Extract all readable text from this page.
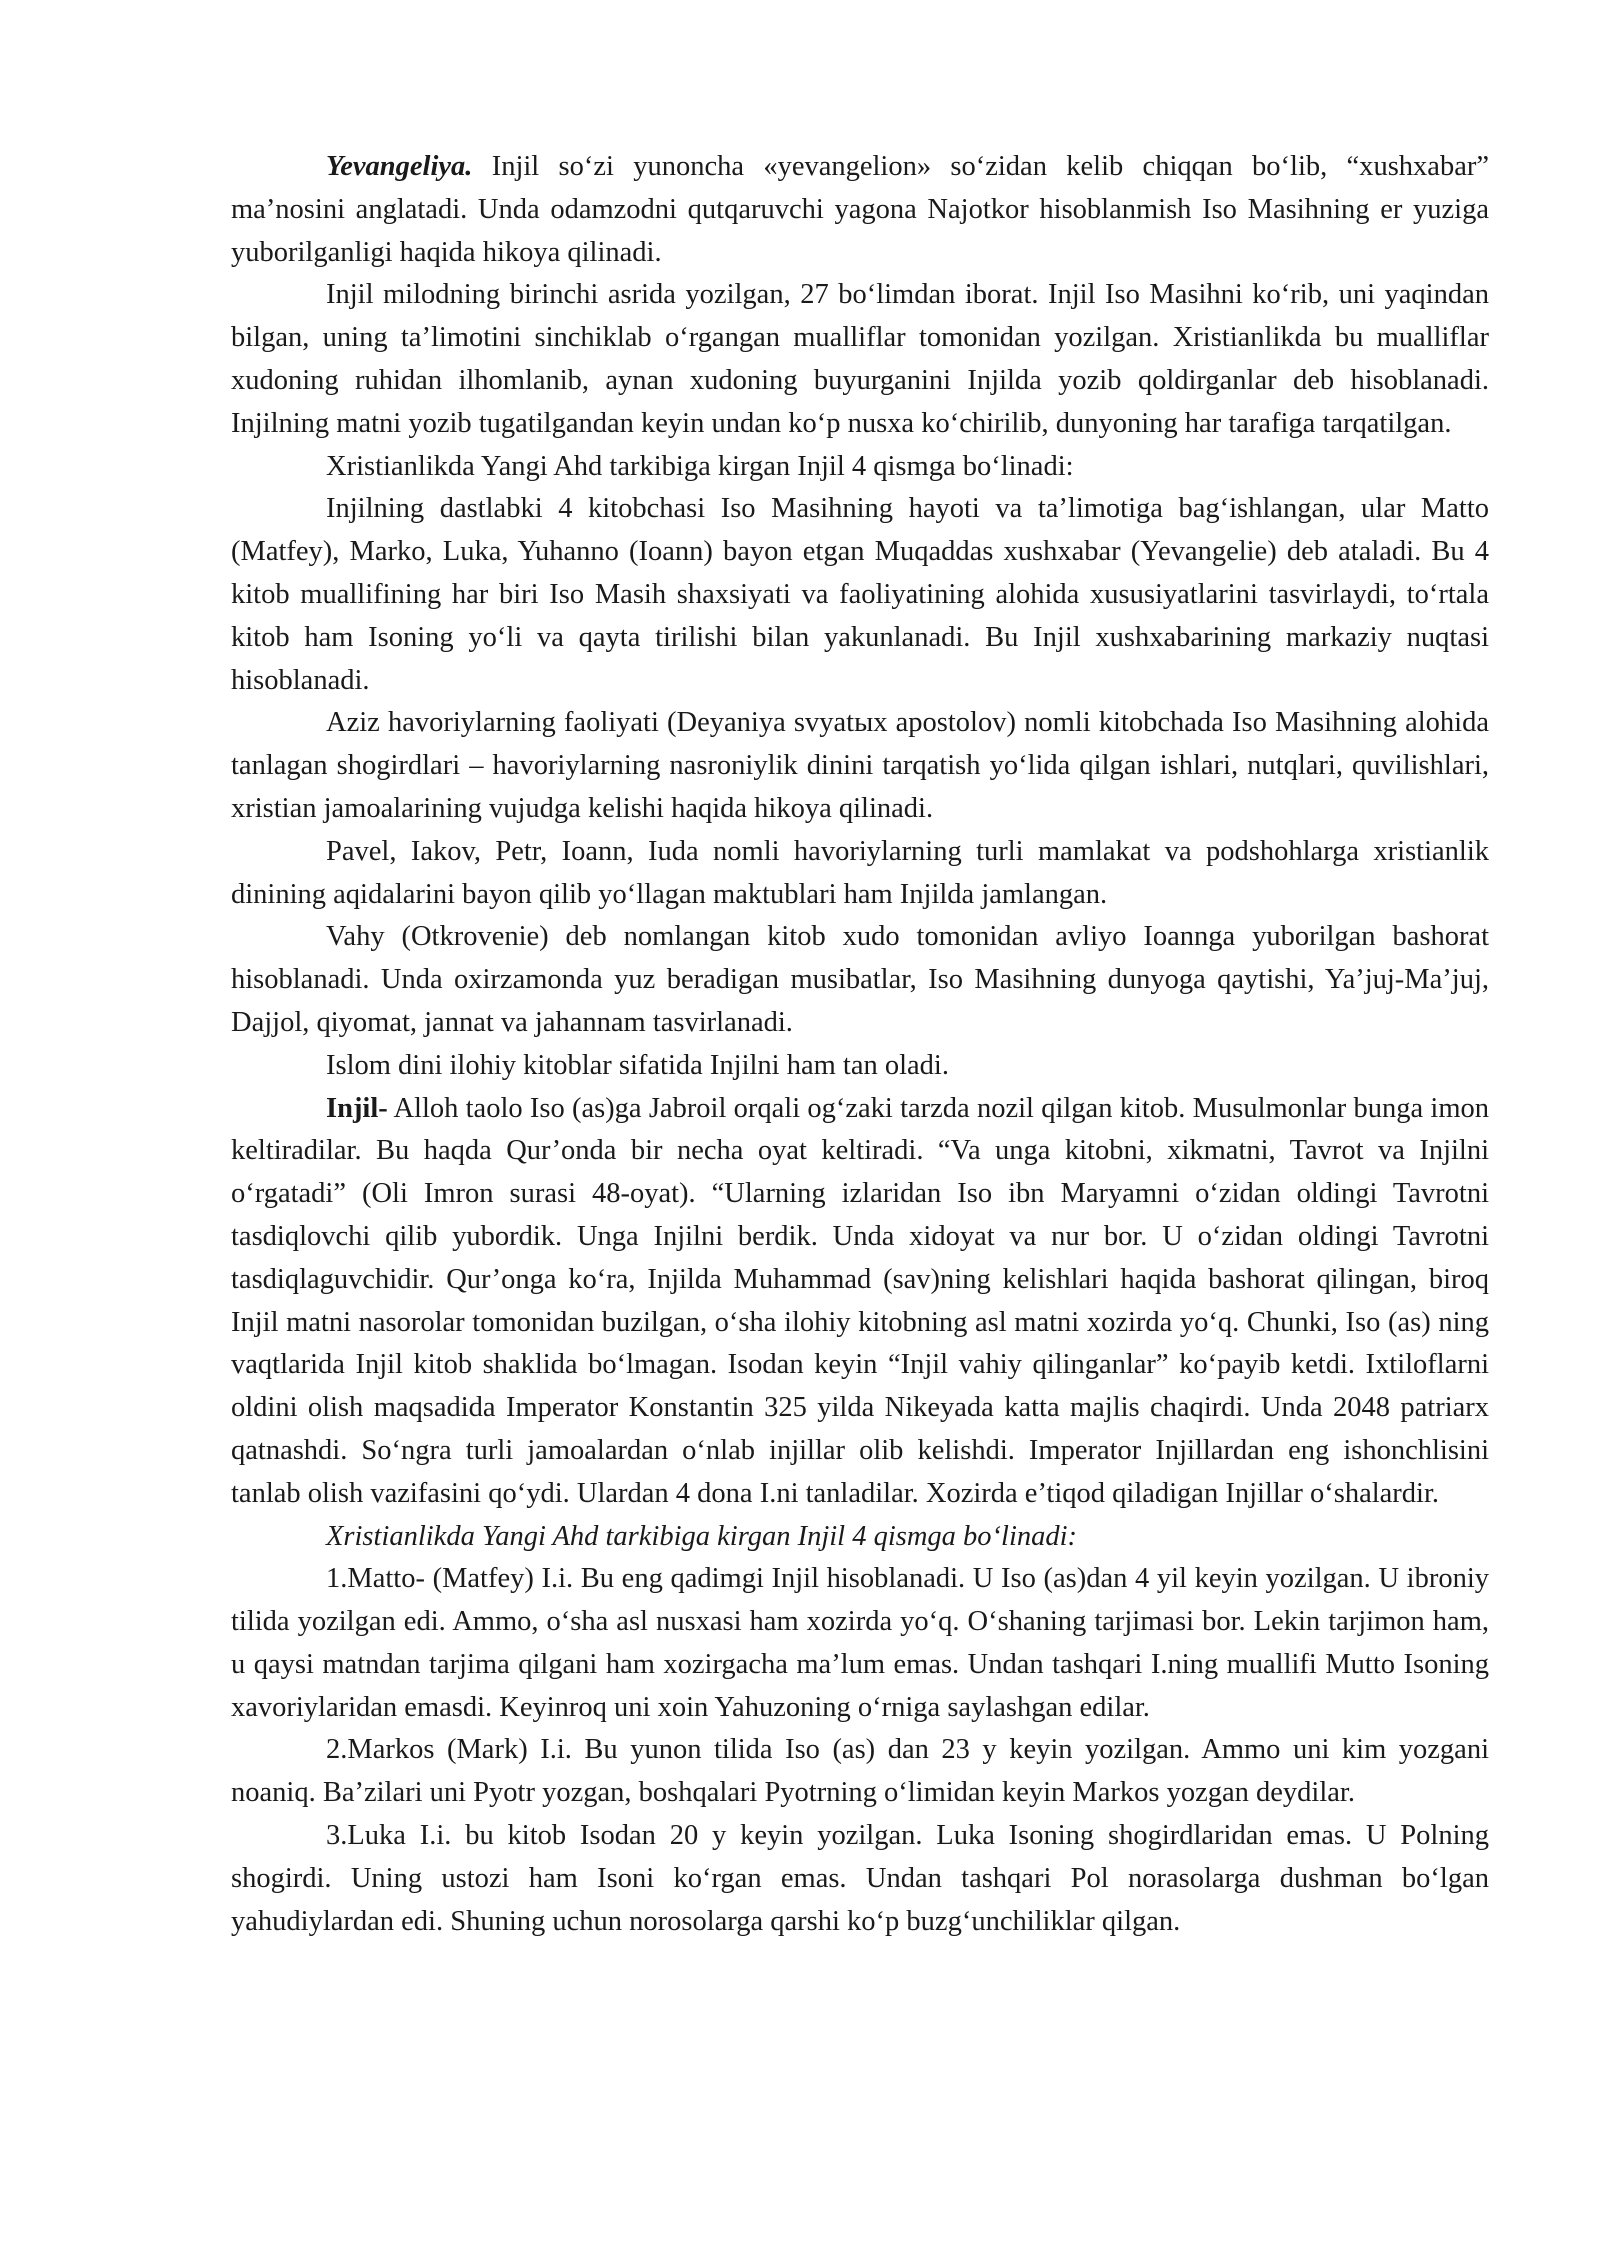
Yevangeliya. Injil so‘zi yunoncha «yevangelion» so‘zidan kelib chiqqan bo‘lib, “xushxabar” ma’nosini anglatadi. Unda odamzodni qutqaruvchi yagona Najotkor hisoblanmish Iso Masihning er yuziga yuborilganligi haqida hikoya qilinadi.

Injil milodning birinchi asrida yozilgan, 27 bo‘limdan iborat. Injil Iso Masihni ko‘rib, uni yaqindan bilgan, uning ta’limotini sinchiklab o‘rgangan mualliflar tomonidan yozilgan. Xristianlikda bu mualliflar xudoning ruhidan ilhomlanib, aynan xudoning buyurganini Injilda yozib qoldirganlar deb hisoblanadi. Injilning matni yozib tugatilgandan keyin undan ko‘p nusxa ko‘chirilib, dunyoning har tarafiga tarqatilgan.

Xristianlikda Yangi Ahd tarkibiga kirgan Injil 4 qismga bo‘linadi:

Injilning dastlabki 4 kitobchasi Iso Masihning hayoti va ta’limotiga bag‘ishlangan, ular Matto (Matfey), Marko, Luka, Yuhanno (Ioann) bayon etgan Muqaddas xushxabar (Yevangelie) deb ataladi. Bu 4 kitob muallifining har biri Iso Masih shaxsiyati va faoliyatining alohida xususiyatlarini tasvirlaydi, to‘rtala kitob ham Isoning yo‘li va qayta tirilishi bilan yakunlanadi. Bu Injil xushxabarining markaziy nuqtasi hisoblanadi.

Aziz havoriylarning faoliyati (Deyaniya svyatыx apostolov) nomli kitobchada Iso Masihning alohida tanlagan shogirdlari – havoriylarning nasroniylik dinini tarqatish yo‘lida qilgan ishlari, nutqlari, quvilishlari, xristian jamoalarining vujudga kelishi haqida hikoya qilinadi.

Pavel, Iakov, Petr, Ioann, Iuda nomli havoriylarning turli mamlakat va podshohlarga xristianlik dinining aqidalarini bayon qilib yo‘llagan maktublari ham Injilda jamlangan.

Vahy (Otkrovenie) deb nomlangan kitob xudo tomonidan avliyo Ioannga yuborilgan bashorat hisoblanadi. Unda oxirzamonda yuz beradigan musibatlar, Iso Masihning dunyoga qaytishi, Ya’juj-Ma’juj, Dajjol, qiyomat, jannat va jahannam tasvirlanadi.

Islom dini ilohiy kitoblar sifatida Injilni ham tan oladi.

Injil- Alloh taolo Iso (as)ga Jabroil orqali og‘zaki tarzda nozil qilgan kitob. Musulmonlar bunga imon keltiradilar. Bu haqda Qur’onda bir necha oyat keltiradi. “Va unga kitobni, xikmatni, Tavrot va Injilni o‘rgatadi” (Oli Imron surasi 48-oyat). “Ularning izlaridan Iso ibn Maryamni o‘zidan oldingi Tavrotni tasdiqlovchi qilib yubordik. Unga Injilni berdik. Unda xidoyat va nur bor. U o‘zidan oldingi Tavrotni tasdiqlaguvchidir. Qur’onga ko‘ra, Injilda Muhammad (sav)ning kelishlari haqida bashorat qilingan, biroq Injil matni nasorolar tomonidan buzilgan, o‘sha ilohiy kitobning asl matni xozirda yo‘q. Chunki, Iso (as) ning vaqtlarida Injil kitob shaklida bo‘lmagan. Isodan keyin “Injil vahiy qilinganlar” ko‘payib ketdi. Ixtiloflarni oldini olish maqsadida Imperator Konstantin 325 yilda Nikeyada katta majlis chaqirdi. Unda 2048 patriarx qatnashdi. So‘ngra turli jamoalardan o‘nlab injillar olib kelishdi. Imperator Injillardan eng ishonchlisini tanlab olish vazifasini qo‘ydi. Ulardan 4 dona I.ni tanladilar. Xozirda e’tiqod qiladigan Injillar o‘shalardir.

Xristianlikda Yangi Ahd tarkibiga kirgan Injil 4 qismga bo‘linadi:

1.Matto- (Matfey) I.i. Bu eng qadimgi Injil hisoblanadi. U Iso (as)dan 4 yil keyin yozilgan. U ibroniy tilida yozilgan edi. Ammo, o‘sha asl nusxasi ham xozirda yo‘q. O‘shaning tarjimasi bor. Lekin tarjimon ham, u qaysi matndan tarjima qilgani ham xozirgacha ma’lum emas. Undan tashqari I.ning muallifi Mutto Isoning xavoriylaridan emasdi. Keyinroq uni xoin Yahuzoning o‘rniga saylashgan edilar.

2.Markos (Mark) I.i. Bu yunon tilida Iso (as) dan 23 y keyin yozilgan. Ammo uni kim yozgani noaniq. Ba’zilari uni Pyotr yozgan, boshqalari Pyotrning o‘limidan keyin Markos yozgan deydilar.

3.Luka I.i. bu kitob Isodan 20 y keyin yozilgan. Luka Isoning shogirdlaridan emas. U Polning shogirdi. Uning ustozi ham Isoni ko‘rgan emas. Undan tashqari Pol norasolarga dushman bo‘lgan yahudiylardan edi. Shuning uchun norosolarga qarshi ko‘p buzg‘unchiliklar qilgan.
